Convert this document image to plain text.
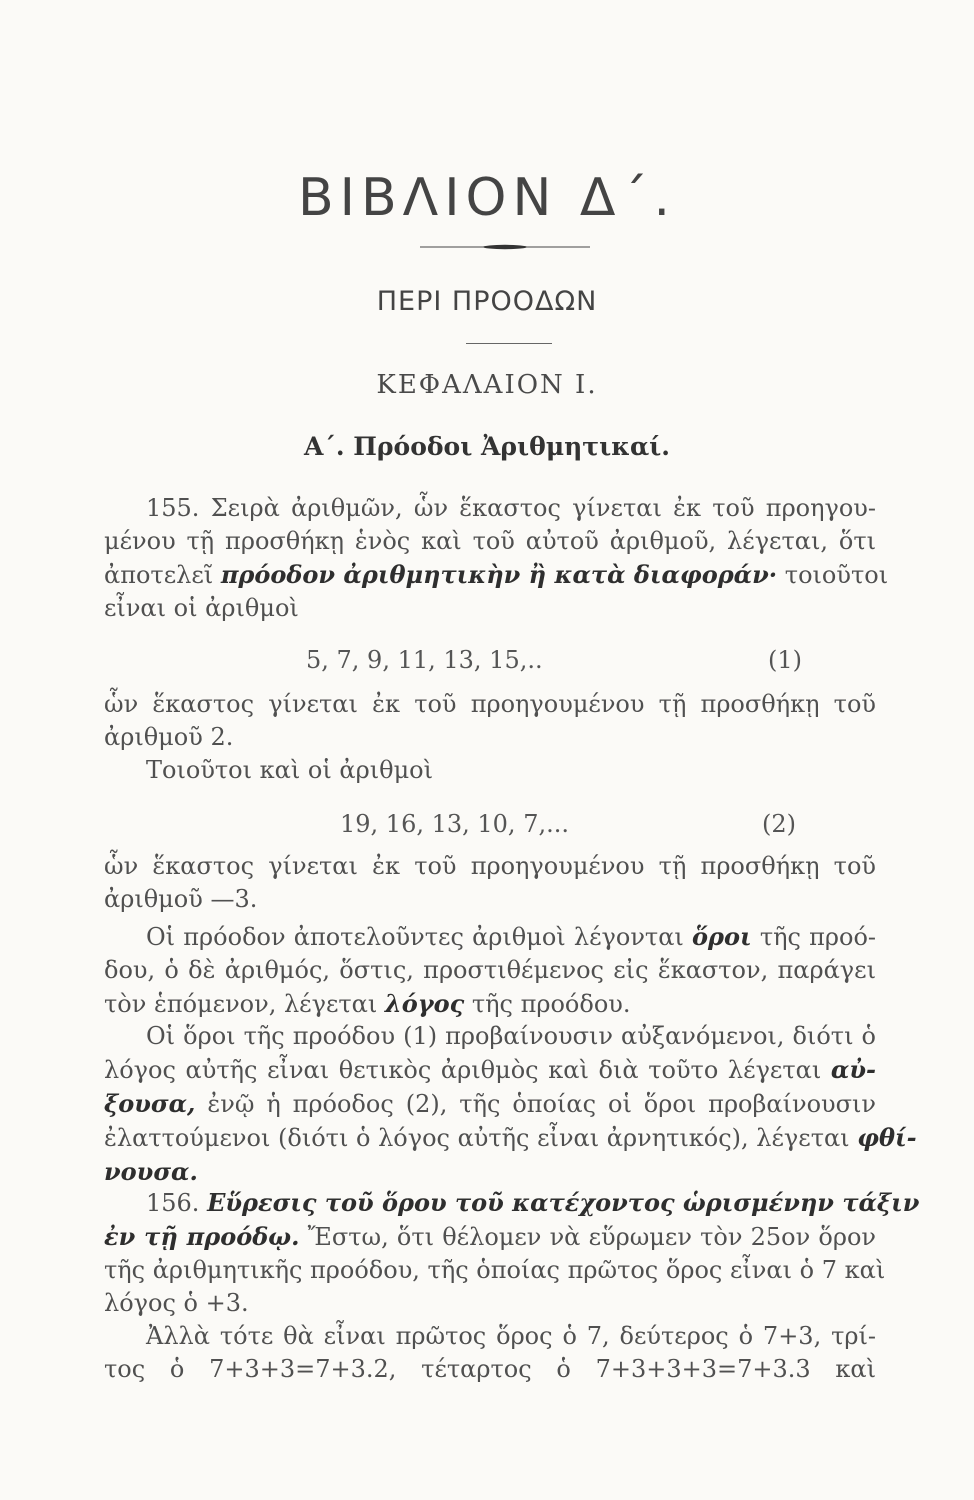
ΒΙΒΛΙΟΝ Δ΄.
ΠΕΡΙ ΠΡΟΟΔΩΝ
ΚΕΦΑΛΑΙΟΝ Ι.
Α΄. Πρόοδοι Ἀριθμητικαί.
155. Σειρὰ ἀριθμῶν, ὧν ἕκαστος γίνεται ἐκ τοῦ προηγου-
μένου τῇ προσθήκῃ ἑνὸς καὶ τοῦ αὐτοῦ ἀριθμοῦ, λέγεται, ὅτι
ἀποτελεῖ πρόοδον ἀριθμητικὴν ἢ κατὰ διαφοράν· τοιοῦτοι
εἶναι οἱ ἀριθμοὶ
5, 7, 9, 11, 13, 15,..	(1)
ὧν ἕκαστος γίνεται ἐκ τοῦ προηγουμένου τῇ προσθήκῃ τοῦ
ἀριθμοῦ 2.
Τοιοῦτοι καὶ οἱ ἀριθμοὶ
19, 16, 13, 10, 7,...	(2)
ὧν ἕκαστος γίνεται ἐκ τοῦ προηγουμένου τῇ προσθήκῃ τοῦ
ἀριθμοῦ —3.
Οἱ πρόοδον ἀποτελοῦντες ἀριθμοὶ λέγονται ὅροι τῆς προό-
δου, ὁ δὲ ἀριθμός, ὅστις, προστιθέμενος εἰς ἕκαστον, παράγει
τὸν ἑπόμενον, λέγεται λόγος τῆς προόδου.
Οἱ ὅροι τῆς προόδου (1) προβαίνουσιν αὐξανόμενοι, διότι ὁ
λόγος αὐτῆς εἶναι θετικὸς ἀριθμὸς καὶ διὰ τοῦτο λέγεται αὐ-
ξουσα, ἐνῷ ἡ πρόοδος (2), τῆς ὁποίας οἱ ὅροι προβαίνουσιν
ἐλαττούμενοι (διότι ὁ λόγος αὐτῆς εἶναι ἀρνητικός), λέγεται φθί-
νουσα.
156. Εὕρεσις τοῦ ὅρου τοῦ κατέχοντος ὡρισμένην τάξιν
ἐν τῇ προόδῳ. Ἔστω, ὅτι θέλομεν νὰ εὕρωμεν τὸν 25ον ὅρον
τῆς ἀριθμητικῆς προόδου, τῆς ὁποίας πρῶτος ὅρος εἶναι ὁ 7 καὶ
λόγος ὁ +3.
Ἀλλὰ τότε θὰ εἶναι πρῶτος ὅρος ὁ 7, δεύτερος ὁ 7+3, τρί-
τος ὁ 7+3+3=7+3.2, τέταρτος ὁ 7+3+3+3=7+3.3 καὶ
